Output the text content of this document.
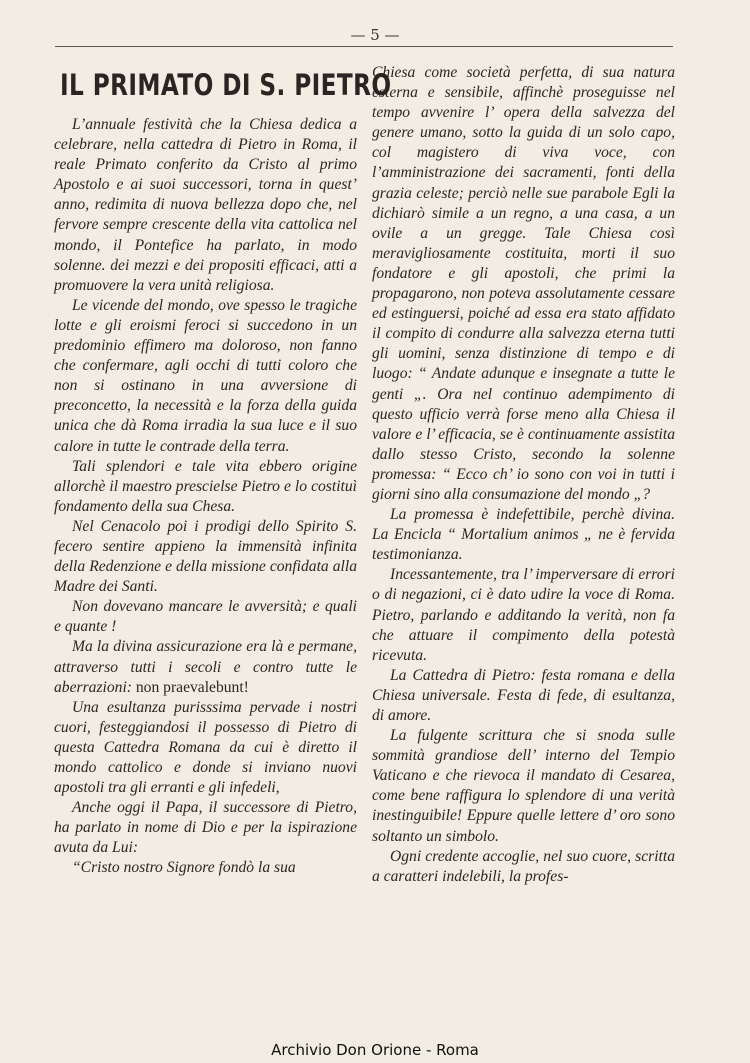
— 5 —
IL PRIMATO DI S. PIETRO

L’annuale festività che la Chiesa dedica a celebrare, nella cattedra di Pietro in Roma, il reale Primato conferito da Cristo al primo Apostolo e ai suoi successori, torna in quest’ anno, redimita di nuova bellezza dopo che, nel fervore sempre crescente della vita cattolica nel mondo, il Pontefice ha parlato, in modo solenne. dei mezzi e dei propositi efficaci, atti a promuovere la vera unità religiosa.

Le vicende del mondo, ove spesso le tragiche lotte e gli eroismi feroci si succedono in un predominio effimero ma doloroso, non fanno che confermare, agli occhi di tutti coloro che non si ostinano in una avversione di preconcetto, la necessità e la forza della guida unica che dà Roma irradia la sua luce e il suo calore in tutte le contrade della terra.

Tali splendori e tale vita ebbero origine allorchè il maestro prescielse Pietro e lo costituì fondamento della sua Chesa.

Nel Cenacolo poi i prodigi dello Spirito S. fecero sentire appieno la immensità infinita della Redenzione e della missione confidata alla Madre dei Santi.

Non dovevano mancare le avversità; e quali e quante !

Ma la divina assicurazione era là e permane, attraverso tutti i secoli e contro tutte le aberrazioni: non praevalebunt!

Una esultanza purisssima pervade i nostri cuori, festeggiandosi il possesso di Pietro di questa Cattedra Romana da cui è diretto il mondo cattolico e donde si inviano nuovi apostoli tra gli erranti e gli infedeli,

Anche oggi il Papa, il successore di Pietro, ha parlato in nome di Dio e per la ispirazione avuta da Lui:

“Cristo nostro Signore fondò la sua

Chiesa come società perfetta, di sua natura esterna e sensibile, affinchè proseguisse nel tempo avvenire l’ opera della salvezza del genere umano, sotto la guida di un solo capo, col magistero di viva voce, con l’amministrazione dei sacramenti, fonti della grazia celeste; perciò nelle sue parabole Egli la dichiarò simile a un regno, a una casa, a un ovile a un gregge. Tale Chiesa così meravigliosamente costituita, morti il suo fondatore e gli apostoli, che primi la propagarono, non poteva assolutamente cessare ed estinguersi, poiché ad essa era stato affidato il compito di condurre alla salvezza eterna tutti gli uomini, senza distinzione di tempo e di luogo: “ Andate adunque e insegnate a tutte le genti „. Ora nel continuo adempimento di questo ufficio verrà forse meno alla Chiesa il valore e l’ efficacia, se è continuamente assistita dallo stesso Cristo, secondo la solenne promessa: “ Ecco ch’ io sono con voi in tutti i giorni sino alla consumazione del mondo „?

La promessa è indefettibile, perchè divina. La Encicla “ Mortalium animos „ ne è fervida testimonianza.

Incessantemente, tra l’ imperversare di errori o di negazioni, ci è dato udire la voce di Roma. Pietro, parlando e additando la verità, non fa che attuare il compimento della potestà ricevuta.

La Cattedra di Pietro: festa romana e della Chiesa universale. Festa di fede, di esultanza, di amore.

La fulgente scrittura che si snoda sulle sommità grandiose dell’ interno del Tempio Vaticano e che rievoca il mandato di Cesarea, come bene raffigura lo splendore di una verità inestinguibile! Eppure quelle lettere d’ oro sono soltanto un simbolo.

Ogni credente accoglie, nel suo cuore, scritta a caratteri indelebili, la profes-

Archivio Don Orione - Roma
